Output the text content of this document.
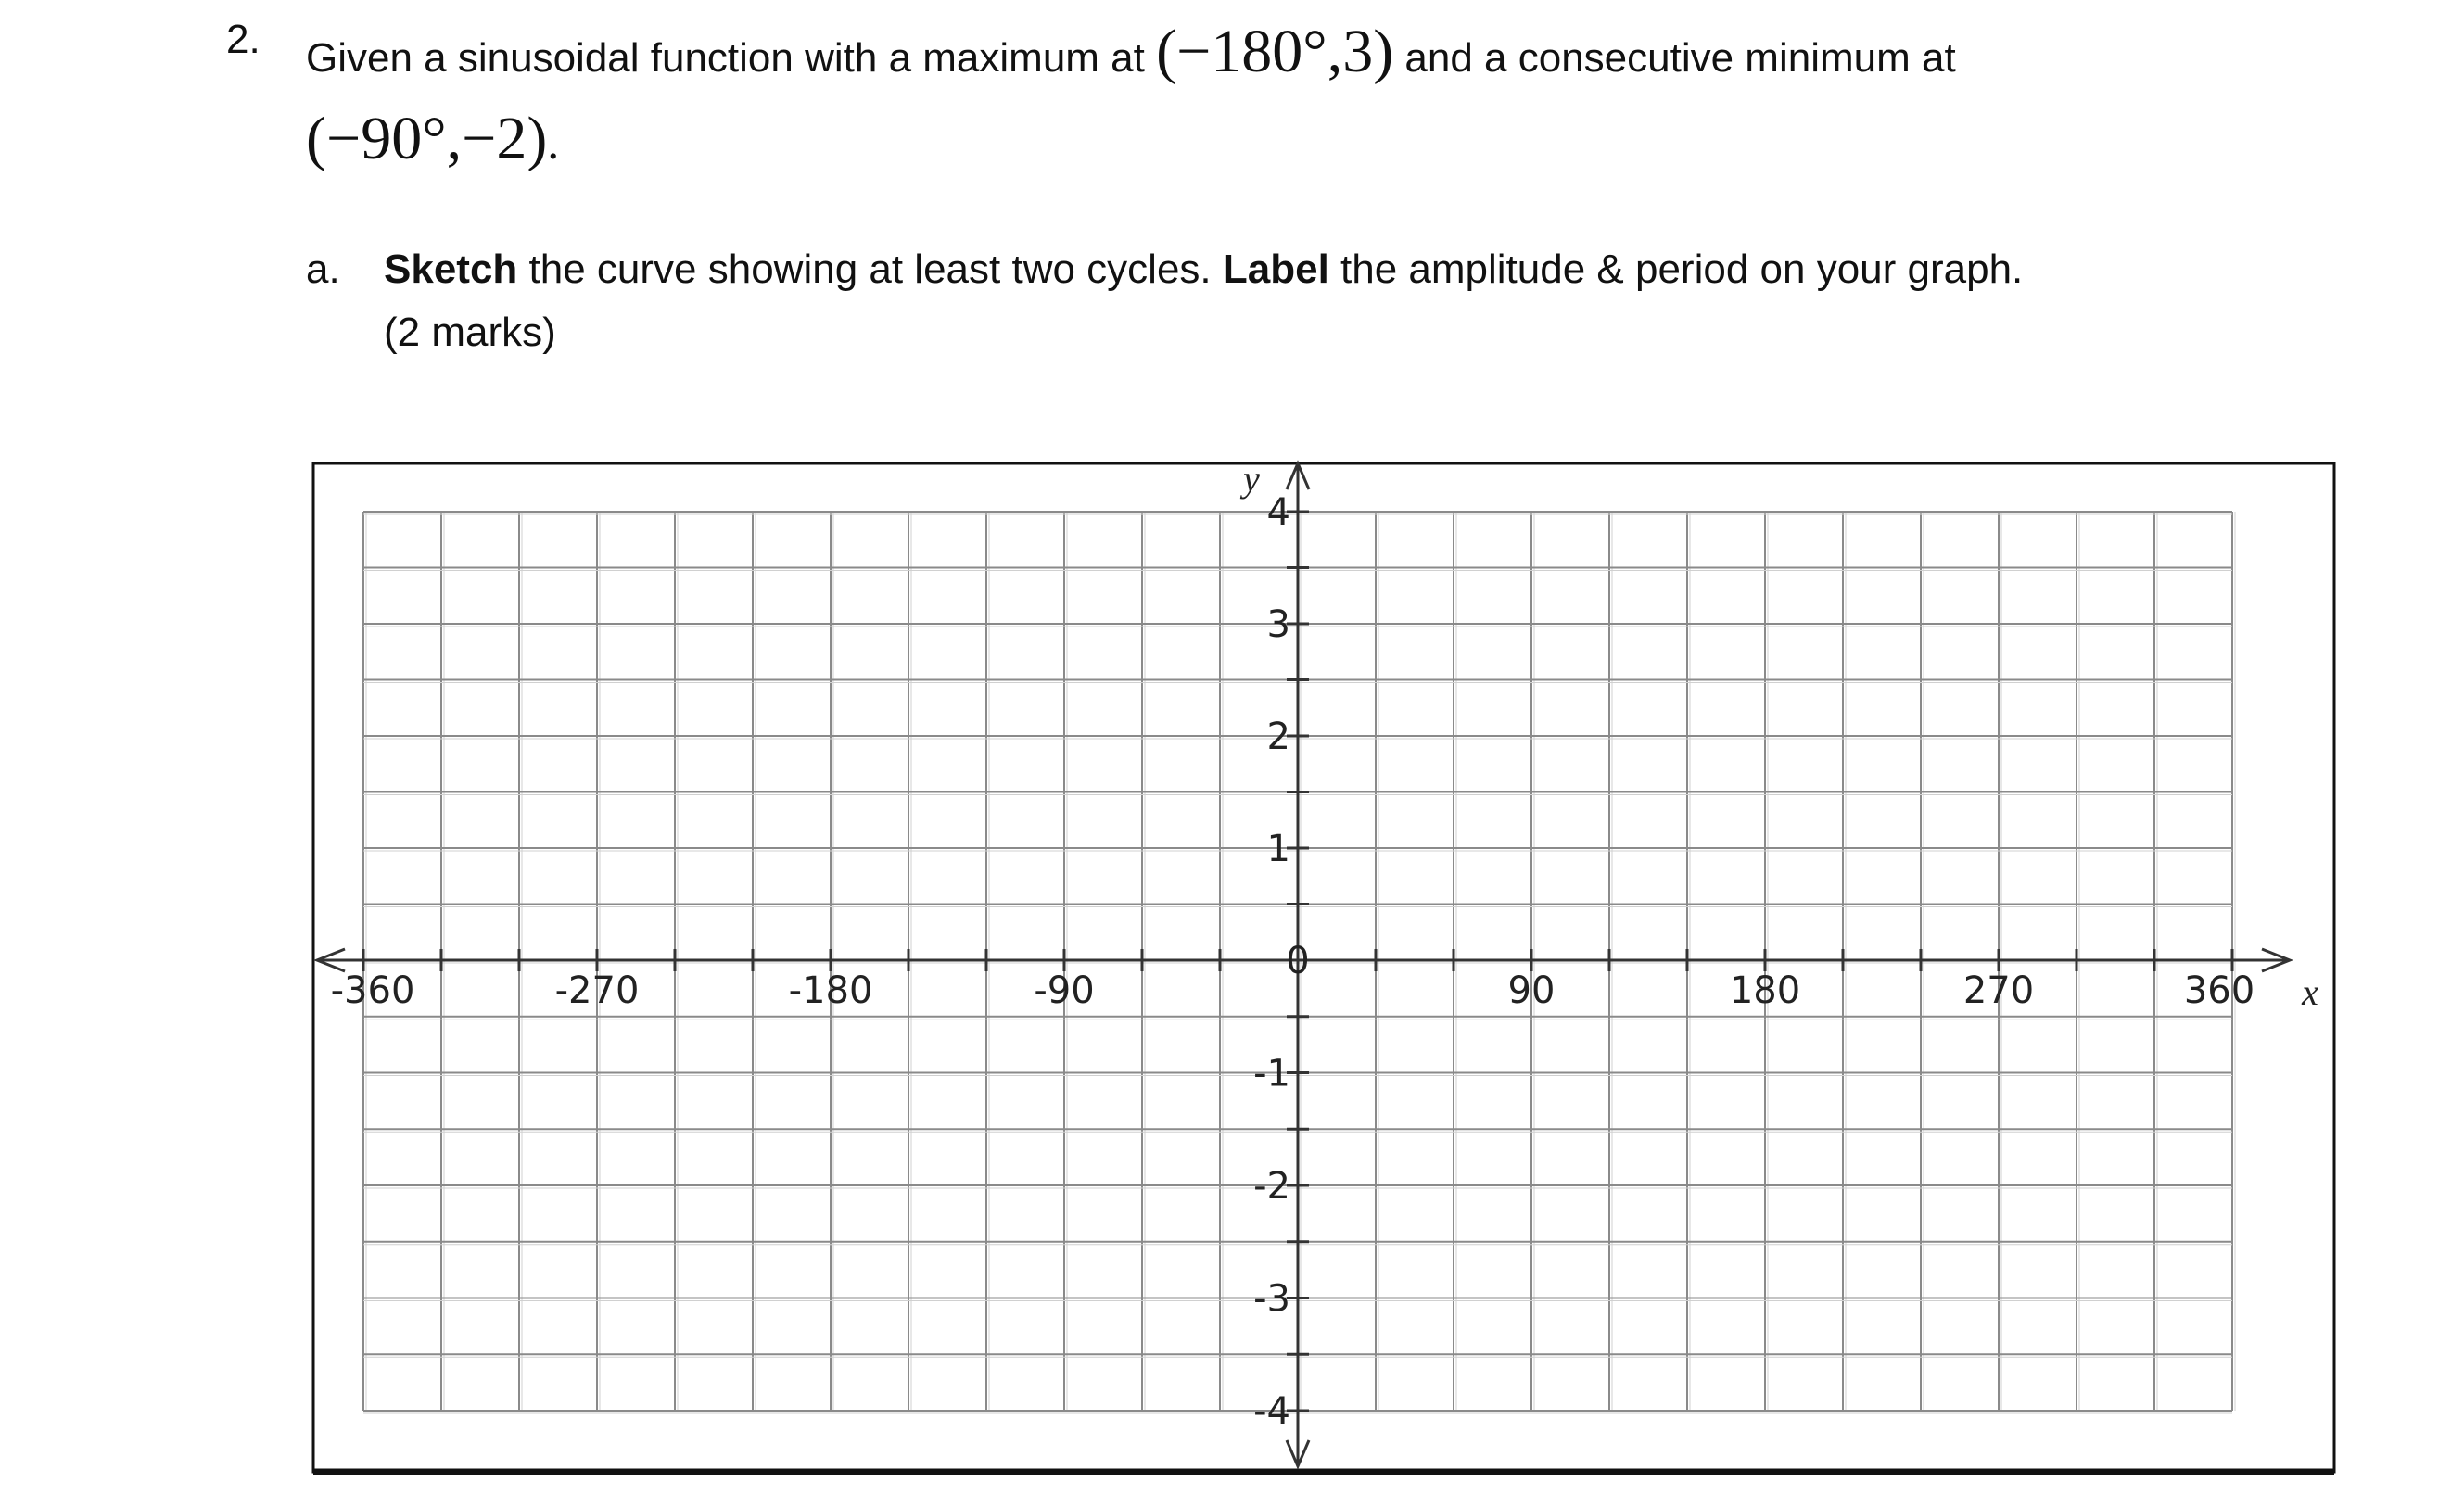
2. Given a sinusoidal function with a maximum at (−180°,3) and a consecutive minimum at
(−90°,−2).
a. Sketch the curve showing at least two cycles. Label the amplitude & period on your graph.
(2 marks)
-360	-270	-180	-90
0
90	180	270	360
4
3
2
1
-1
-2
-3
-4
x
y
